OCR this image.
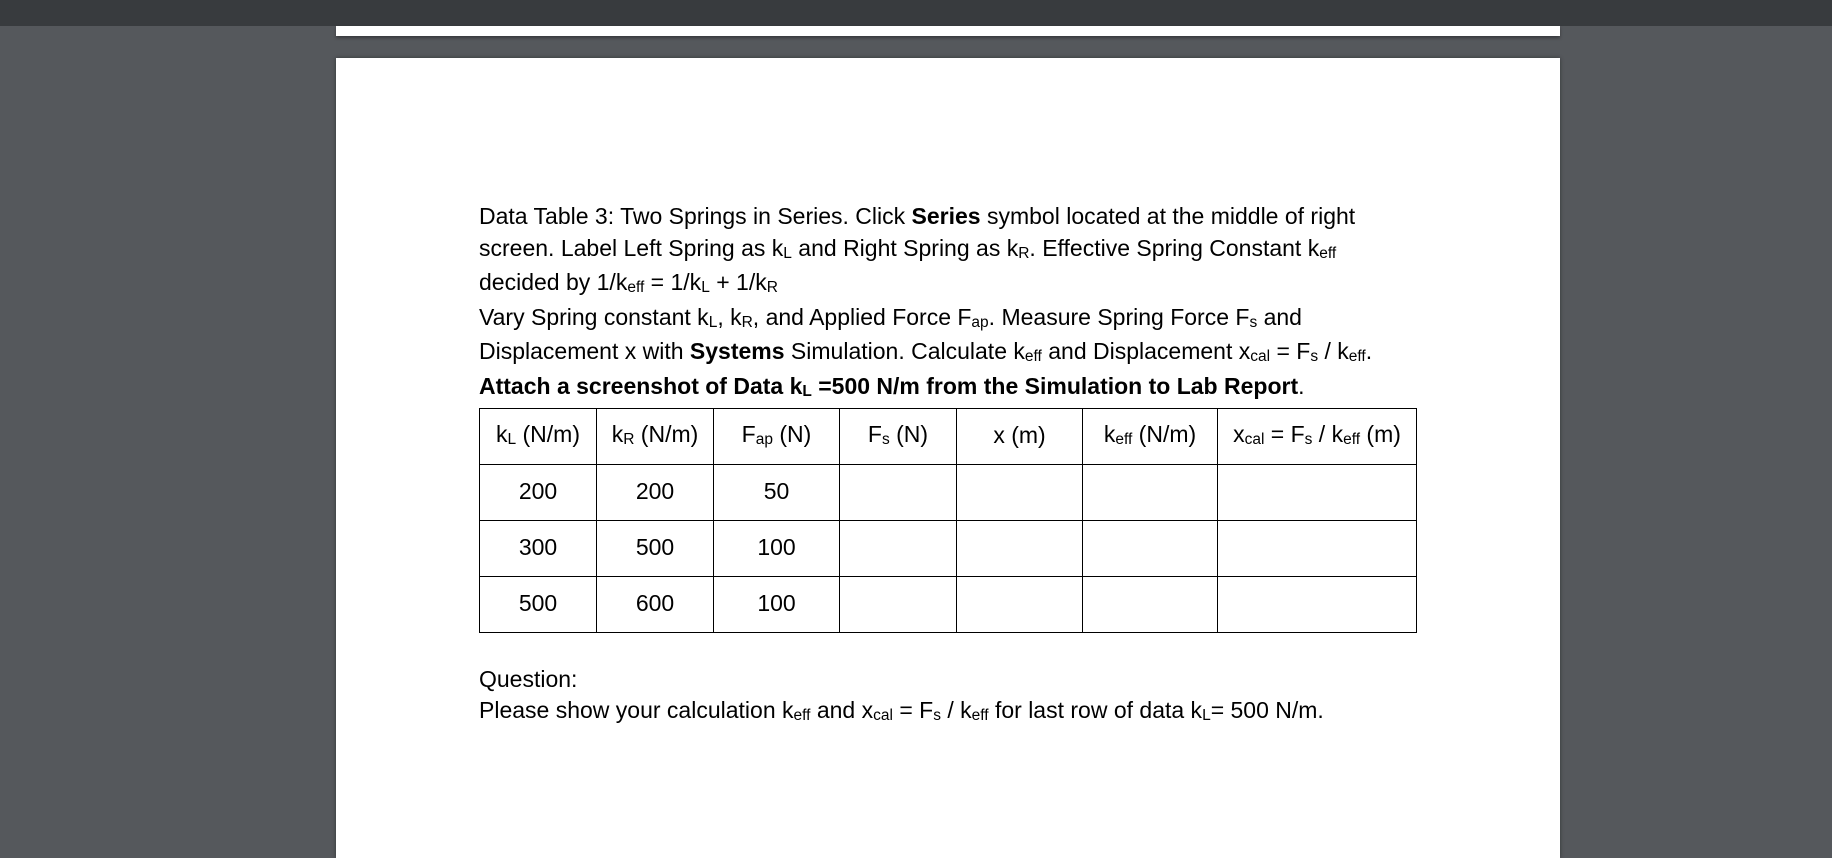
Data Table 3: Two Springs in Series. Click Series symbol located at the middle of right
screen. Label Left Spring as kL and Right Spring as kR. Effective Spring Constant keff
decided by 1/keff = 1/kL + 1/kR
Vary Spring constant kL, kR, and Applied Force Fap. Measure Spring Force Fs and
Displacement x with Systems Simulation. Calculate keff and Displacement xcal = Fs / keff.
Attach a screenshot of Data kL =500 N/m from the Simulation to Lab Report.
kL (N/m)	kR (N/m)	Fap (N)	Fs (N)	x (m)	keff (N/m)	xcal = Fs / keff (m)
200	200	50				
300	500	100				
500	600	100				
Question:
Please show your calculation keff and xcal = Fs / keff for last row of data kL= 500 N/m.
